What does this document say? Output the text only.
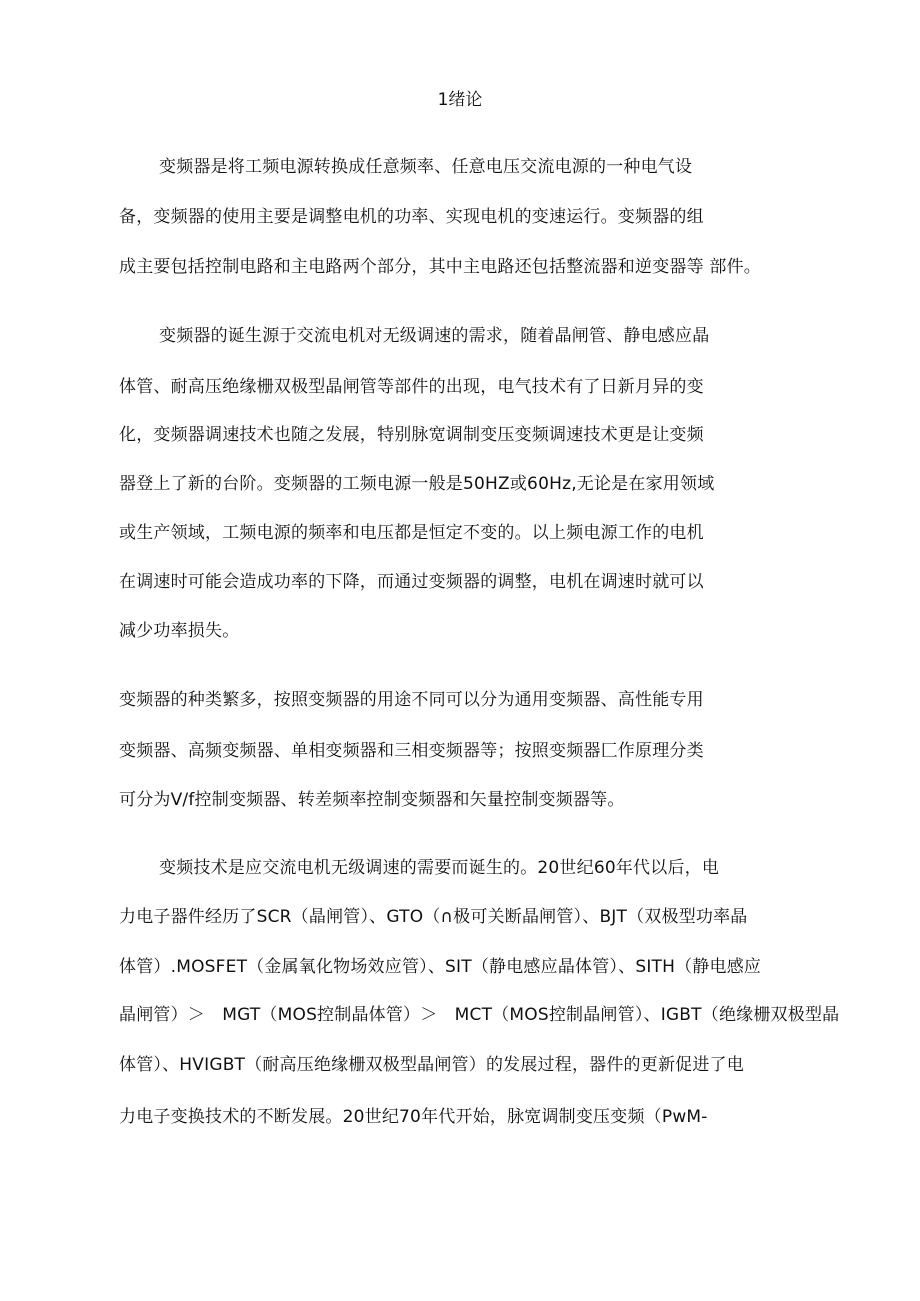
1绪论
变频器是将工频电源转换成任意频率、任意电压交流电源的一种电气设
备，变频器的使用主要是调整电机的功率、实现电机的变速运行。变频器的组
成主要包括控制电路和主电路两个部分，其中主电路还包括整流器和逆变器等 部件。
变频器的诞生源于交流电机对无级调速的需求，随着晶闸管、静电感应晶
体管、耐高压绝缘栅双极型晶闸管等部件的出现，电气技术有了日新月异的变
化，变频器调速技术也随之发展，特别脉宽调制变压变频调速技术更是让变频
器登上了新的台阶。变频器的工频电源一般是50HZ或60Hz,无论是在家用领域
或生产领域，工频电源的频率和电压都是恒定不变的。以上频电源工作的电机
在调速时可能会造成功率的下降，而通过变频器的调整，电机在调速时就可以
减少功率损失。
变频器的种类繁多，按照变频器的用途不同可以分为通用变频器、高性能专用
变频器、高频变频器、单相变频器和三相变频器等；按照变频器匚作原理分类
可分为V/f控制变频器、转差频率控制变频器和矢量控制变频器等。
变频技术是应交流电机无级调速的需要而诞生的。20世纪60年代以后，电
力电子器件经历了SCR（晶闸管）、GTO（∩极可关断晶闸管）、BJT（双极型功率晶
体管）.MOSFET（金属氧化物场效应管）、SIT（静电感应晶体管）、SITH（静电感应
晶闸管）＞　MGT（MOS控制晶体管）＞　MCT（MOS控制晶闸管）、IGBT（绝缘栅双极型晶
体管）、HVIGBT（耐高压绝缘栅双极型晶闸管）的发展过程，器件的更新促进了电
力电子变换技术的不断发展。20世纪70年代开始，脉宽调制变压变频（PwM-
